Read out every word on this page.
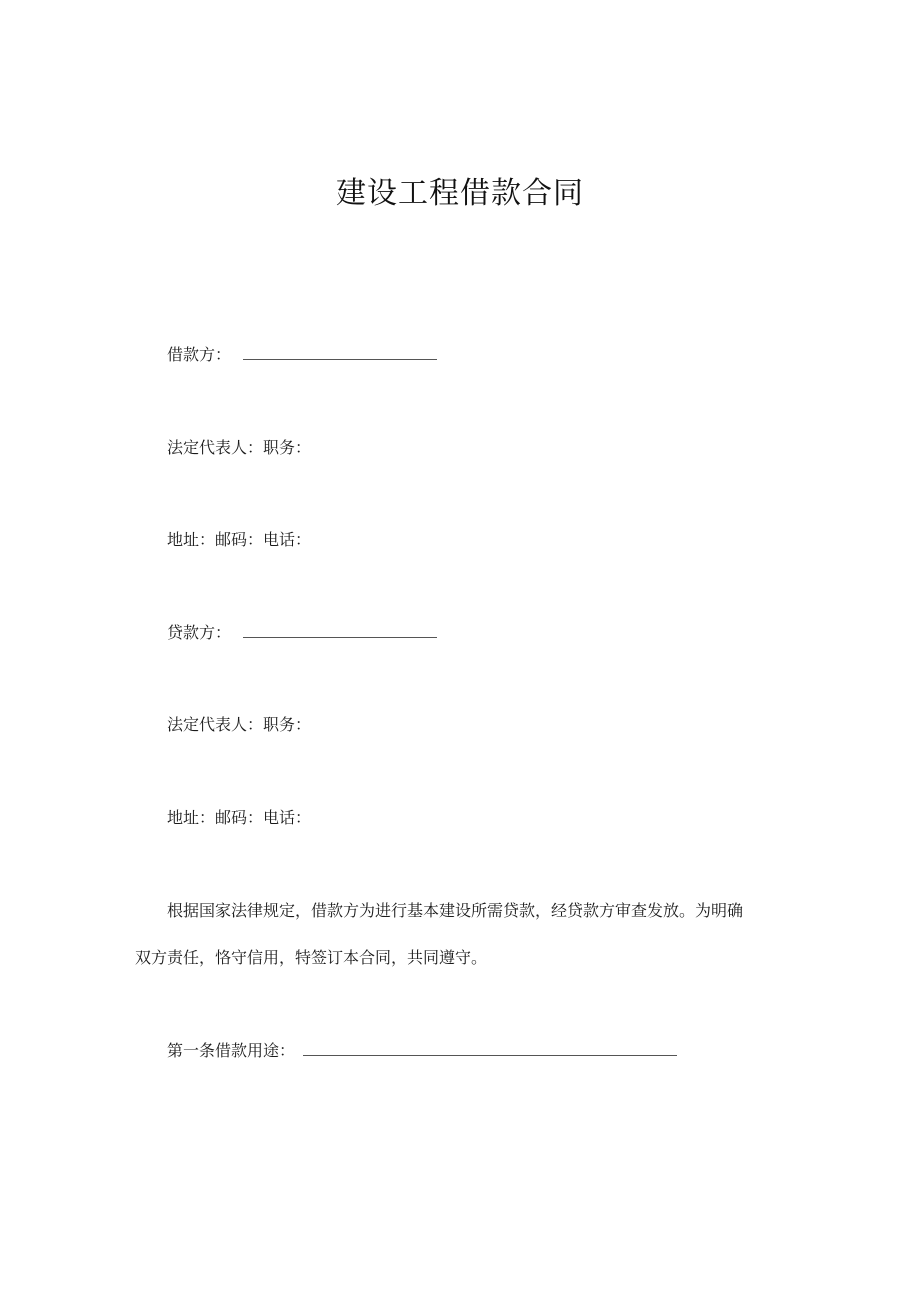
建设工程借款合同
借款方：
法定代表人：职务：
地址：邮码：电话：
贷款方：
法定代表人：职务：
地址：邮码：电话：
根据国家法律规定，借款方为进行基本建设所需贷款，经贷款方审查发放。为明确
双方责任，恪守信用，特签订本合同，共同遵守。
第一条借款用途：
